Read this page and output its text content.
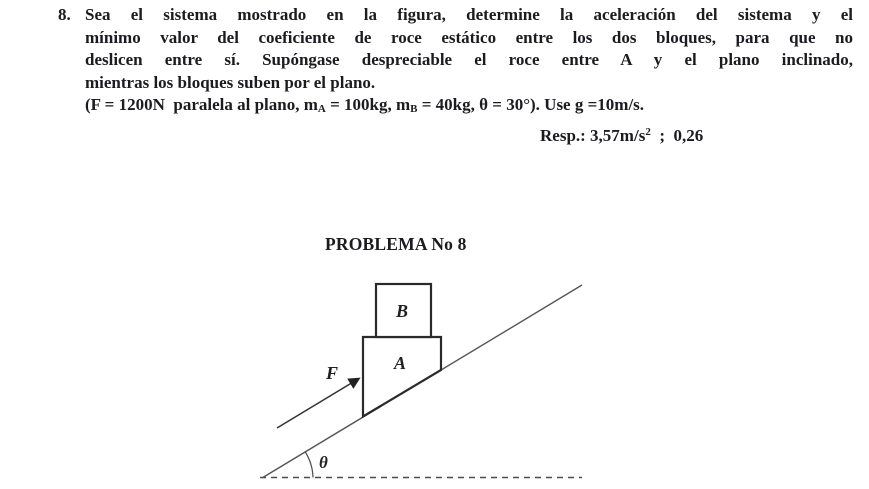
8. Sea el sistema mostrado en la figura, determine la aceleración del sistema y el
mínimo valor del coeficiente de roce estático entre los dos bloques, para que no
deslicen entre sí. Supóngase despreciable el roce entre A y el plano inclinado,
mientras los bloques suben por el plano.
(F = 1200N  paralela al plano, mA = 100kg, mB = 40kg, θ = 30°). Use g =10m/s.
Resp.: $3,57m/s^2$  ;  0,26
PROBLEMA No 8
B
A
F
θ
